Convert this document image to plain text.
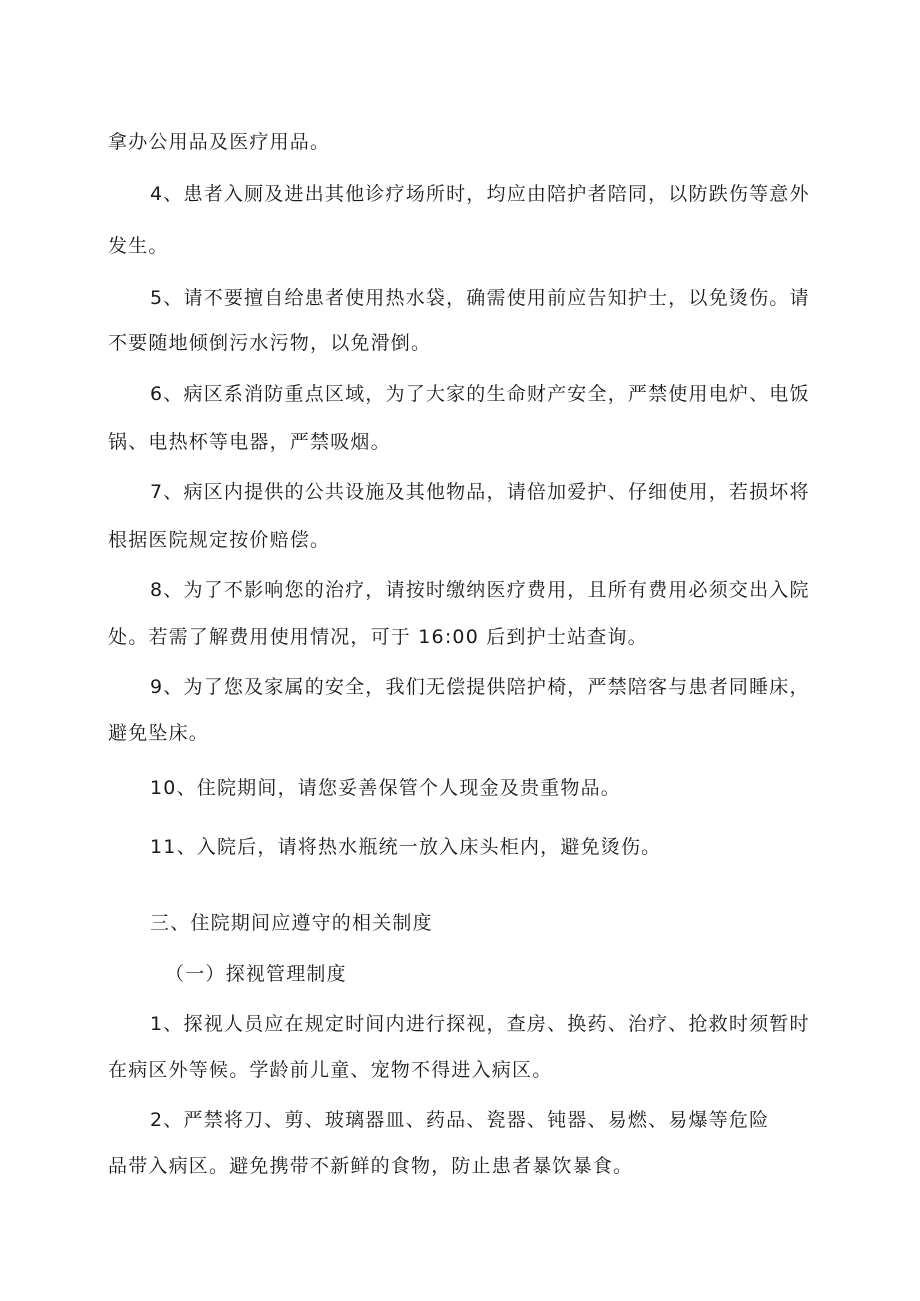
拿办公用品及医疗用品。
4、患者入厕及进出其他诊疗场所时，均应由陪护者陪同，以防跌伤等意外
发生。
5、请不要擅自给患者使用热水袋，确需使用前应告知护士，以免烫伤。请
不要随地倾倒污水污物，以免滑倒。
6、病区系消防重点区域，为了大家的生命财产安全，严禁使用电炉、电饭
锅、电热杯等电器，严禁吸烟。
7、病区内提供的公共设施及其他物品，请倍加爱护、仔细使用，若损坏将
根据医院规定按价赔偿。
8、为了不影响您的治疗，请按时缴纳医疗费用，且所有费用必须交出入院
处。若需了解费用使用情况，可于 16:00 后到护士站查询。
9、为了您及家属的安全，我们无偿提供陪护椅，严禁陪客与患者同睡床，
避免坠床。
10、住院期间，请您妥善保管个人现金及贵重物品。
11、入院后，请将热水瓶统一放入床头柜内，避免烫伤。
三、住院期间应遵守的相关制度
（一）探视管理制度
1、探视人员应在规定时间内进行探视，查房、换药、治疗、抢救时须暂时
在病区外等候。学龄前儿童、宠物不得进入病区。
2、严禁将刀、剪、玻璃器皿、药品、瓷器、钝器、易燃、易爆等危险
品带入病区。避免携带不新鲜的食物，防止患者暴饮暴食。
